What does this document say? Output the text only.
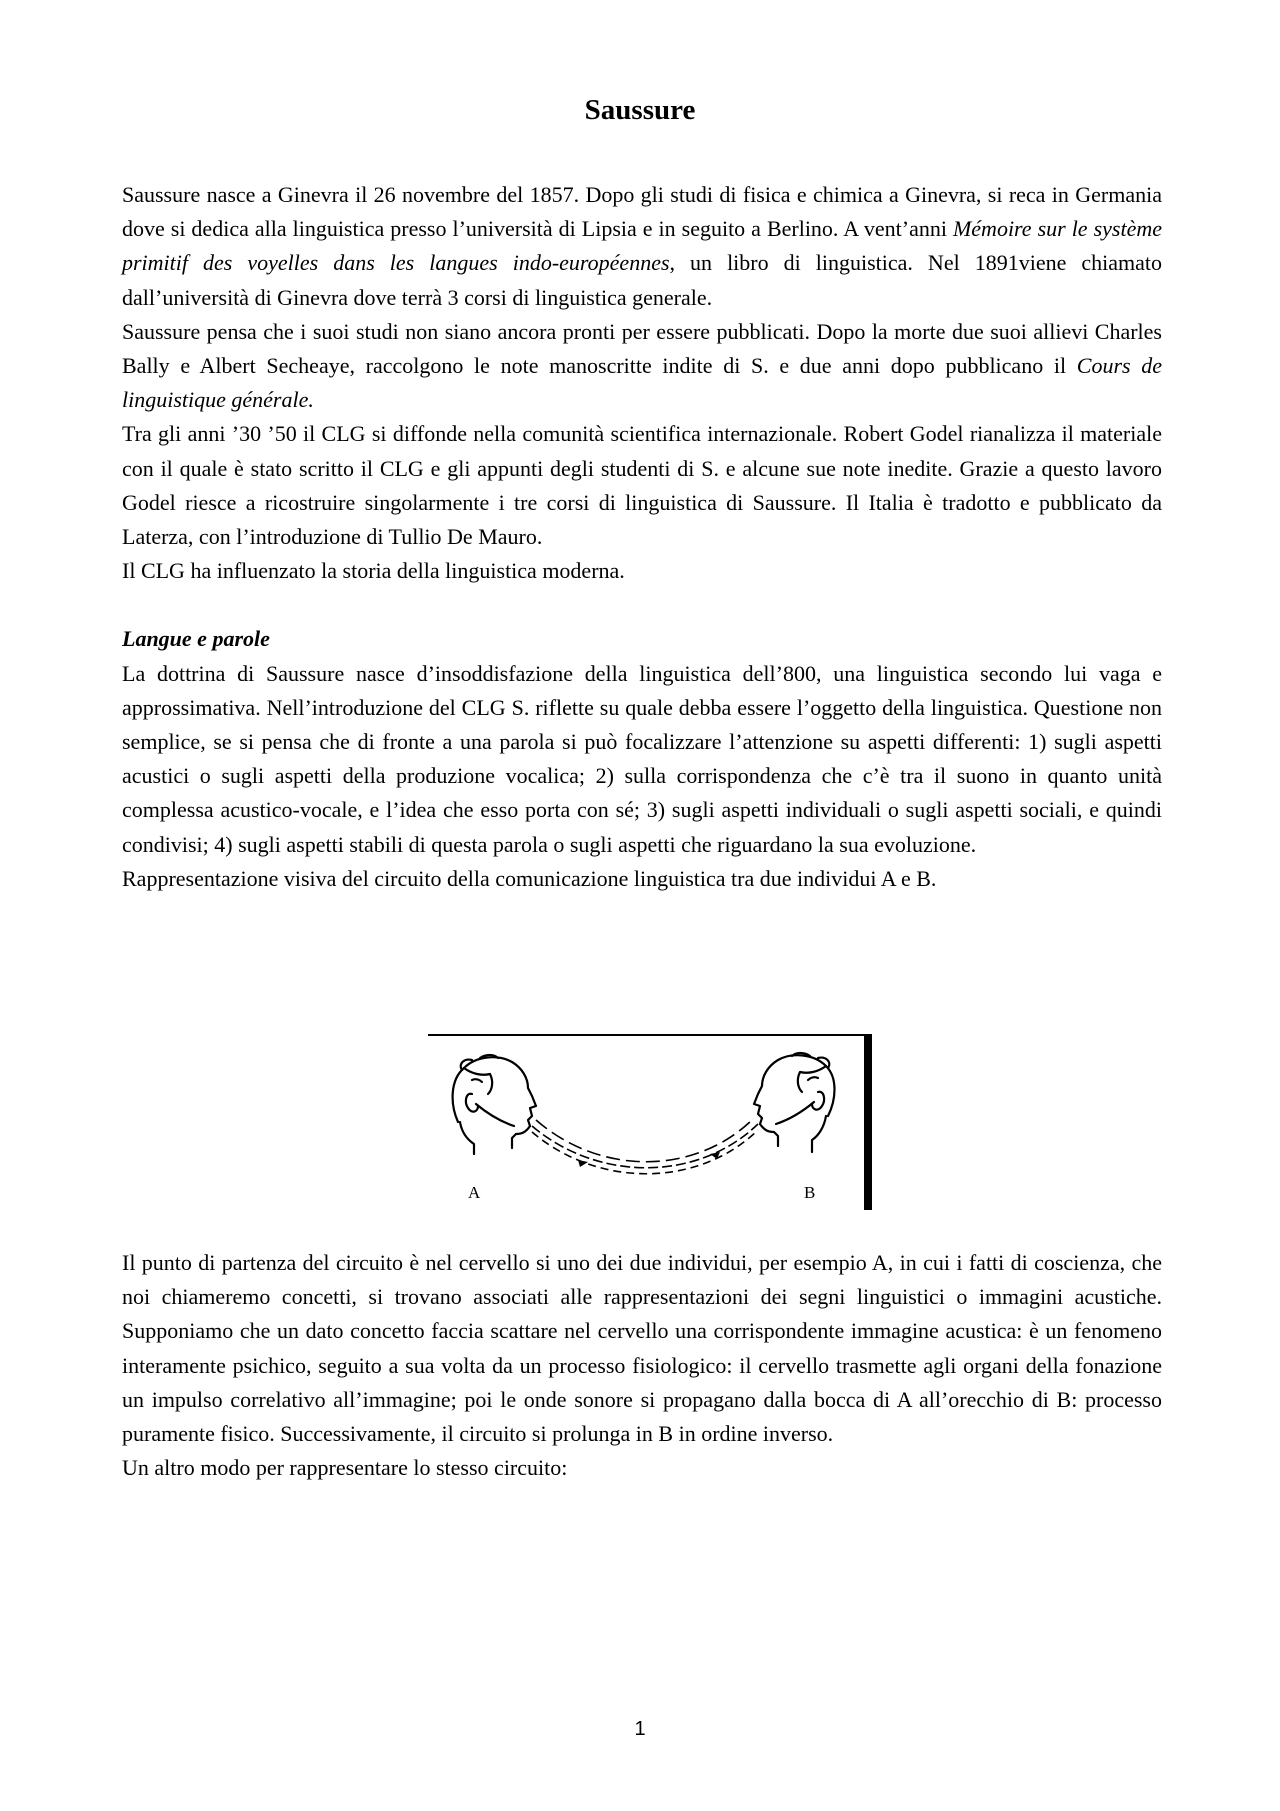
Saussure

Saussure nasce a Ginevra il 26 novembre del 1857. Dopo gli studi di fisica e chimica a Ginevra, si reca in Germania dove si dedica alla linguistica presso l’università di Lipsia e in seguito a Berlino. A vent’anni Mémoire sur le système primitif des voyelles dans les langues indo-européennes, un libro di linguistica. Nel 1891viene chiamato dall’università di Ginevra dove terrà 3 corsi di linguistica generale.

Saussure pensa che i suoi studi non siano ancora pronti per essere pubblicati. Dopo la morte due suoi allievi Charles Bally e Albert Secheaye, raccolgono le note manoscritte indite di S. e due anni dopo pubblicano il Cours de linguistique générale.

Tra gli anni ’30 ’50 il CLG si diffonde nella comunità scientifica internazionale. Robert Godel rianalizza il materiale con il quale è stato scritto il CLG e gli appunti degli studenti di S. e alcune sue note inedite. Grazie a questo lavoro Godel riesce a ricostruire singolarmente i tre corsi di linguistica di Saussure. Il Italia è tradotto e pubblicato da Laterza, con l’introduzione di Tullio De Mauro.

Il CLG ha influenzato la storia della linguistica moderna.

Langue e parole

La dottrina di Saussure nasce d’insoddisfazione della linguistica dell’800, una linguistica secondo lui vaga e approssimativa. Nell’introduzione del CLG S. riflette su quale debba essere l’oggetto della linguistica. Questione non semplice, se si pensa che di fronte a una parola si può focalizzare l’attenzione su aspetti differenti: 1) sugli aspetti acustici o sugli aspetti della produzione vocalica; 2) sulla corrispondenza che c’è tra il suono in quanto unità complessa acustico-vocale, e l’idea che esso porta con sé; 3) sugli aspetti individuali o sugli aspetti sociali, e quindi condivisi; 4) sugli aspetti stabili di questa parola o sugli aspetti che riguardano la sua evoluzione.

Rappresentazione visiva del circuito della comunicazione linguistica tra due individui A e B.

A	B

Il punto di partenza del circuito è nel cervello si uno dei due individui, per esempio A, in cui i fatti di coscienza, che noi chiameremo concetti, si trovano associati alle rappresentazioni dei segni linguistici o immagini acustiche. Supponiamo che un dato concetto faccia scattare nel cervello una corrispondente immagine acustica: è un fenomeno interamente psichico, seguito a sua volta da un processo fisiologico: il cervello trasmette agli organi della fonazione un impulso correlativo all’immagine; poi le onde sonore si propagano dalla bocca di A all’orecchio di B: processo puramente fisico. Successivamente, il circuito si prolunga in B in ordine inverso.

Un altro modo per rappresentare lo stesso circuito:

1
